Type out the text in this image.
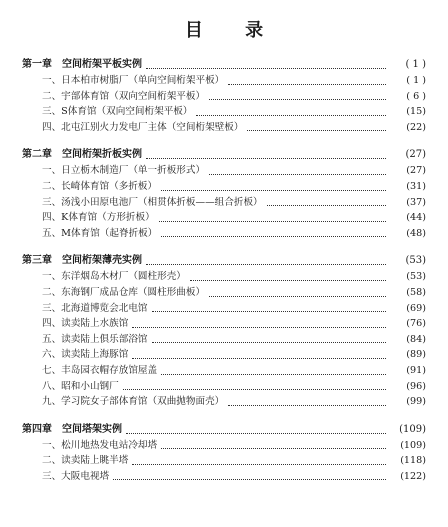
目 录
第一章 空间桁架平板实例	( 1 )
一、日本柏市树脂厂（单向空间桁架平板）	( 1 )
二、宇部体育馆（双向空间桁架平板）	( 6 )
三、S体育馆（双向空间桁架平板）	(15)
四、北屯江别火力发电厂主体（空间桁架壁板）	(22)
第二章 空间桁架折板实例	(27)
一、日立栃木制造厂（单一折板形式）	(27)
二、长崎体育馆（多折板）	(31)
三、汤浅小田原电池厂（相贯体折板——组合折板）	(37)
四、K体育馆（方形折板）	(44)
五、M体育馆（起脊折板）	(48)
第三章 空间桁架薄壳实例	(53)
一、东洋烟岛木材厂（圆柱形壳）	(53)
二、东海钢厂成品仓库（圆柱形曲板）	(58)
三、北海道博览会北电馆	(69)
四、读卖陆上水族馆	(76)
五、读卖陆上俱乐部浴馆	(84)
六、读卖陆上海豚馆	(89)
七、丰岛园衣帽存放馆屋盖	(91)
八、昭和小山钢厂	(96)
九、学习院女子部体育馆（双曲抛物面壳）	(99)
第四章 空间塔架实例	(109)
一、松川地热发电站冷却塔	(109)
二、读卖陆上眺半塔	(118)
三、大阪电视塔	(122)
